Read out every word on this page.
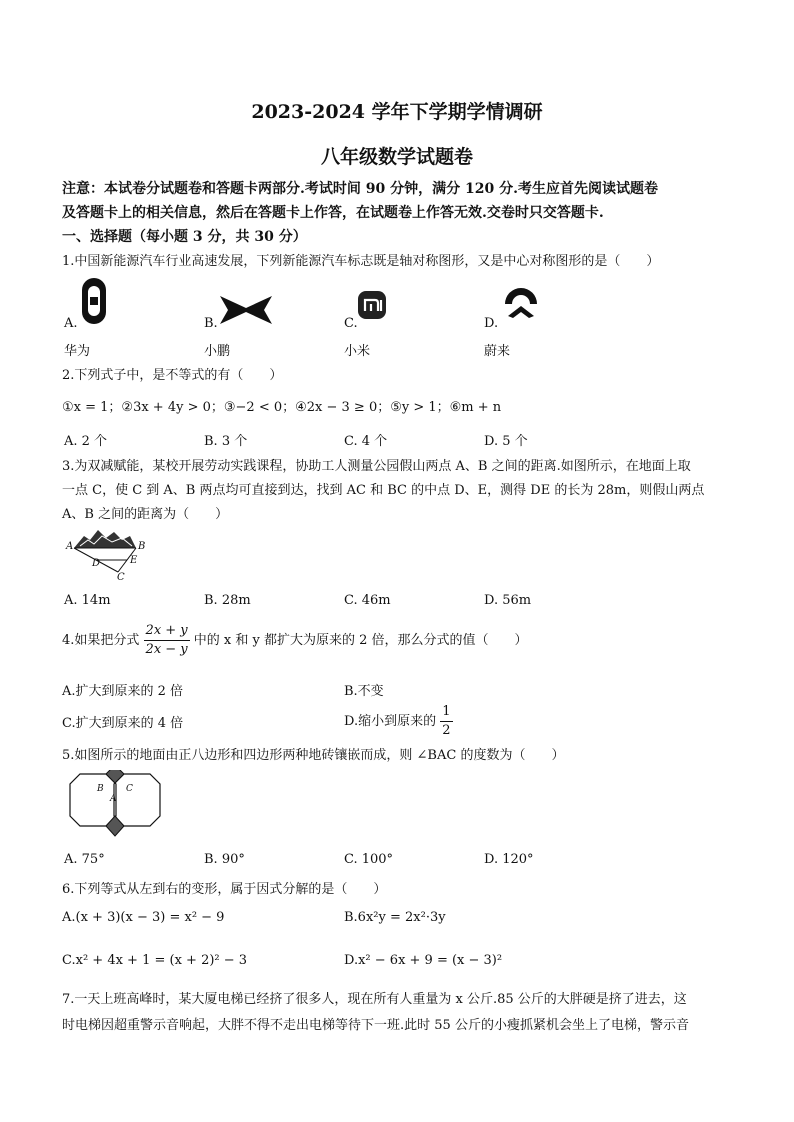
2023-2024 学年下学期学情调研
八年级数学试题卷
注意：本试卷分试题卷和答题卡两部分.考试时间 90 分钟，满分 120 分.考生应首先阅读试题卷
及答题卡上的相关信息，然后在答题卡上作答，在试题卷上作答无效.交卷时只交答题卡.
一、选择题（每小题 3 分，共 30 分）
1.中国新能源汽车行业高速发展，下列新能源汽车标志既是轴对称图形，又是中心对称图形的是（　　）
A.	B.	C.	D.
华为	小鹏	小米	蔚来
2.下列式子中，是不等式的有（　　）
①x = 1；②3x + 4y > 0；③−2 < 0；④2x − 3 ≥ 0；⑤y > 1；⑥m + n
A. 2 个	B. 3 个	C. 4 个	D. 5 个
3.为双减赋能，某校开展劳动实践课程，协助工人测量公园假山两点 A、B 之间的距离.如图所示，在地面上取
一点 C，使 C 到 A、B 两点均可直接到达，找到 AC 和 BC 的中点 D、E，测得 DE 的长为 28m，则假山两点
A、B 之间的距离为（　　）
A	B
D	E
C
A. 14m	B. 28m	C. 46m	D. 56m
4.如果把分式 $\frac{2x + y}{2x - y}$ 中的 x 和 y 都扩大为原来的 2 倍，那么分式的值（　　）
A.扩大到原来的 2 倍	B.不变
C.扩大到原来的 4 倍	D.缩小到原来的 $\frac{1}{2}$
5.如图所示的地面由正八边形和四边形两种地砖镶嵌而成，则 ∠BAC 的度数为（　　）
B C
A
A. 75°	B. 90°	C. 100°	D. 120°
6.下列等式从左到右的变形，属于因式分解的是（　　）
A.(x + 3)(x − 3) = x² − 9	B.6x²y = 2x²·3y
C.x² + 4x + 1 = (x + 2)² − 3	D.x² − 6x + 9 = (x − 3)²
7.一天上班高峰时，某大厦电梯已经挤了很多人，现在所有人重量为 x 公斤.85 公斤的大胖硬是挤了进去，这
时电梯因超重警示音响起，大胖不得不走出电梯等待下一班.此时 55 公斤的小瘦抓紧机会坐上了电梯，警示音
